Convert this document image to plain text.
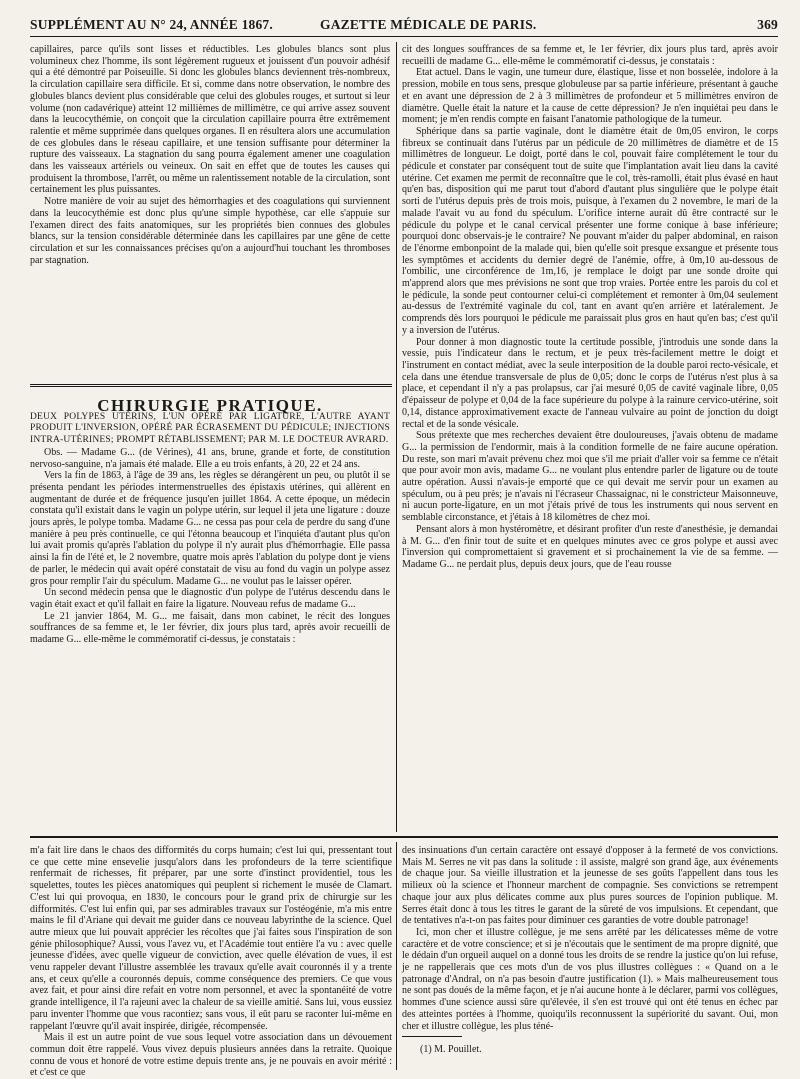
SUPPLÉMENT AU N° 24, ANNÉE 1867.	GAZETTE MÉDICALE DE PARIS.	369

capillaires, parce qu'ils sont lisses et réductibles. Les globules blancs sont plus volumineux chez l'homme, ils sont légèrement rugueux et jouissent d'un pouvoir adhésif qui a été démontré par Poiseuille. Si donc les globules blancs deviennent très-nombreux, la circulation capillaire sera difficile. Et si, comme dans notre observation, le nombre des globules blancs devient plus considérable que celui des globules rouges, et surtout si leur volume (non cadavérique) atteint 12 millièmes de millimètre, ce qui arrive assez souvent dans la leucocythémie, on conçoit que la circulation capillaire pourra être extrêmement ralentie et même supprimée dans quelques organes. Il en résultera alors une accumulation de ces globules dans le réseau capillaire, et une tension suffisante pour déterminer la rupture des vaisseaux. La stagnation du sang pourra également amener une coagulation dans les vaisseaux artériels ou veineux. On sait en effet que de toutes les causes qui produisent la thrombose, l'arrêt, ou même un ralentissement notable de la circulation, sont certainement les plus puissantes.

Notre manière de voir au sujet des hémorrhagies et des coagulations qui surviennent dans la leucocythémie est donc plus qu'une simple hypothèse, car elle s'appuie sur l'examen direct des faits anatomiques, sur les propriétés bien connues des globules blancs, sur la tension considérable déterminée dans les capillaires par une gêne de cette circulation et sur les connaissances précises qu'on a aujourd'hui touchant les thromboses par stagnation.

CHIRURGIE PRATIQUE.

DEUX POLYPES UTÉRINS, L'UN OPÉRÉ PAR LIGATURE, L'AUTRE AYANT PRODUIT L'INVERSION, OPÉRÉ PAR ÉCRASEMENT DU PÉDICULE; INJECTIONS INTRA-UTÉRINES; PROMPT RÉTABLISSEMENT; PAR M. LE DOCTEUR AVRARD.

Obs. — Madame G... (de Vérines), 41 ans, brune, grande et forte, de constitution nervoso-sanguine, n'a jamais été malade. Elle a eu trois enfants, à 20, 22 et 24 ans.

Vers la fin de 1863, à l'âge de 39 ans, les règles se dérangèrent un peu, ou plutôt il se présenta pendant les périodes intermenstruelles des épistaxis utérines, qui allèrent en augmentant de durée et de fréquence jusqu'en juillet 1864. A cette époque, un médecin constata qu'il existait dans le vagin un polype utérin, sur lequel il jeta une ligature : douze jours après, le polype tomba. Madame G... ne cessa pas pour cela de perdre du sang d'une manière à peu près continuelle, ce qui l'étonna beaucoup et l'inquiéta d'autant plus qu'on lui avait promis qu'après l'ablation du polype il n'y aurait plus d'hémorrhagie. Elle passa ainsi la fin de l'été et, le 2 novembre, quatre mois après l'ablation du polype dont je viens de parler, le médecin qui avait opéré constatait de visu au fond du vagin un polype assez gros pour remplir l'air du spéculum. Madame G... ne voulut pas le laisser opérer.

Un second médecin pensa que le diagnostic d'un polype de l'utérus descendu dans le vagin était exact et qu'il fallait en faire la ligature. Nouveau refus de madame G...

Le 21 janvier 1864, M. G... me faisait, dans mon cabinet, le récit des longues souffrances de sa femme et, le 1er février, dix jours plus tard, après avoir recueilli de madame G... elle-même le commémoratif ci-dessus, je constatais :

cit des longues souffrances de sa femme et, le 1er février, dix jours plus tard, après avoir recueilli de madame G... elle-même le commémoratif ci-dessus, je constatais :

Etat actuel. Dans le vagin, une tumeur dure, élastique, lisse et non bosselée, indolore à la pression, mobile en tous sens, presque globuleuse par sa partie inférieure, présentant à gauche et en avant une dépression de 2 à 3 millimètres de profondeur et 5 millimètres environ de diamètre. Quelle était la nature et la cause de cette dépression? Je n'en inquiétai peu dans le moment; je m'en rendis compte en faisant l'anatomie pathologique de la tumeur.

Sphérique dans sa partie vaginale, dont le diamètre était de 0m,05 environ, le corps fibreux se continuait dans l'utérus par un pédicule de 20 millimètres de diamètre et de 15 millimètres de longueur. Le doigt, porté dans le col, pouvait faire complétement le tour du pédicule et constater par conséquent tout de suite que l'implantation avait lieu dans la cavité utérine. Cet examen me permit de reconnaître que le col, très-ramolli, était plus évasé en haut qu'en bas, disposition qui me parut tout d'abord d'autant plus singulière que le polype était sorti de l'utérus depuis près de trois mois, puisque, à l'examen du 2 novembre, le mari de la malade l'avait vu au fond du spéculum. L'orifice interne aurait dû être contracté sur le pédicule du polype et le canal cervical présenter une forme conique à base inférieure; pourquoi donc observais-je le contraire? Ne pouvant m'aider du palper abdominal, en raison de l'énorme embonpoint de la malade qui, bien qu'elle soit presque exsangue et présente tous les symptômes et accidents du dernier degré de l'anémie, offre, à 0m,10 au-dessous de l'ombilic, une circonférence de 1m,16, je remplace le doigt par une sonde droite qui m'apprend alors que mes prévisions ne sont que trop vraies. Portée entre les parois du col et le pédicule, la sonde peut contourner celui-ci complétement et remonter à 0m,04 seulement au-dessus de l'extrémité vaginale du col, tant en avant qu'en arrière et latéralement. Je comprends dès lors pourquoi le pédicule me paraissait plus gros en haut qu'en bas; c'est qu'il y a inversion de l'utérus.

Pour donner à mon diagnostic toute la certitude possible, j'introduis une sonde dans la vessie, puis l'indicateur dans le rectum, et je peux très-facilement mettre le doigt et l'instrument en contact médiat, avec la seule interposition de la double paroi recto-vésicale, et cela dans une étendue transversale de plus de 0,05; donc le corps de l'utérus n'est plus à sa place, et cependant il n'y a pas prolapsus, car j'ai mesuré 0,05 de cavité vaginale libre, 0,05 d'épaisseur de polype et 0,04 de la face supérieure du polype à la rainure cervico-utérine, soit 0,14, distance approximativement exacte de l'anneau vulvaire au point de jonction du doigt rectal et de la sonde vésicale.

Sous prétexte que mes recherches devaient être douloureuses, j'avais obtenu de madame G... la permission de l'endormir, mais à la condition formelle de ne faire aucune opération. Du reste, son mari m'avait prévenu chez moi que s'il me priait d'aller voir sa femme ce n'était que pour avoir mon avis, madame G... ne voulant plus entendre parler de ligature ou de toute autre opération. Aussi n'avais-je emporté que ce qui devait me servir pour un examen au spéculum, ou à peu près; je n'avais ni l'écraseur Chassaignac, ni le constricteur Maisonneuve, ni aucun porte-ligature, en un mot j'étais privé de tous les instruments qui nous servent en semblable circonstance, et j'étais à 18 kilomètres de chez moi.

Pensant alors à mon hystéromètre, et désirant profiter d'un reste d'anesthésie, je demandai à M. G... d'en finir tout de suite et en quelques minutes avec ce gros polype et aussi avec l'inversion qui compromettaient si gravement et si prochainement la vie de sa femme. — Madame G... ne perdait plus, depuis deux jours, que de l'eau rousse

m'a fait lire dans le chaos des difformités du corps humain; c'est lui qui, pressentant tout ce que cette mine ensevelie jusqu'alors dans les profondeurs de la terre scientifique renfermait de richesses, fit préparer, par une sorte d'instinct providentiel, tous les squelettes, toutes les pièces anatomiques qui peuplent si richement le musée de Clamart. C'est lui qui provoqua, en 1830, le concours pour le grand prix de chirurgie sur les difformités. C'est lui enfin qui, par ses admirables travaux sur l'ostéogénie, m'a mis entre mains le fil d'Ariane qui devait me guider dans ce nouveau labyrinthe de la science. Quel autre mieux que lui pouvait apprécier les récoltes que j'ai faites sous l'inspiration de son génie philosophique? Aussi, vous l'avez vu, et l'Académie tout entière l'a vu : avec quelle jeunesse d'idées, avec quelle vigueur de conviction, avec quelle élévation de vues, il est venu rappeler devant l'illustre assemblée les travaux qu'elle avait couronnés il y a trente ans, et ceux qu'elle a couronnés depuis, comme conséquence des premiers. Ce que vous avez fait, et pour ainsi dire refait en votre nom personnel, et avec la spontanéité de votre grande intelligence, il l'a rajeuni avec la chaleur de sa vieille amitié. Sans lui, vous eussiez paru inventer l'homme que vous racontiez; sans vous, il eût paru se raconter lui-même en rappelant l'œuvre qu'il avait inspirée, dirigée, récompensée.

Mais il est un autre point de vue sous lequel votre association dans un dévouement commun doit être rappelé. Vous vivez depuis plusieurs années dans la retraite. Quoique connu de vous et honoré de votre estime depuis trente ans, je ne pouvais en avoir mérité : et c'est ce que

des insinuations d'un certain caractère ont essayé d'opposer à la fermeté de vos convictions. Mais M. Serres ne vit pas dans la solitude : il assiste, malgré son grand âge, aux événements de chaque jour. Sa vieille illustration et la jeunesse de ses goûts l'appellent dans tous les milieux où la science et l'honneur marchent de compagnie. Ses convictions se retrempent chaque jour aux plus délicates comme aux plus pures sources de l'opinion publique. M. Serres était donc à tous les titres le garant de la sûreté de vos impulsions. Et cependant, que de tentatives n'a-t-on pas faites pour diminuer ces garanties de votre double patronage!

Ici, mon cher et illustre collègue, je me sens arrêté par les délicatesses même de votre caractère et de votre conscience; et si je n'écoutais que le sentiment de ma propre dignité, que le dédain d'un orgueil auquel on a donné tous les droits de se rendre la justice qu'on lui refuse, je ne rappellerais que ces mots d'un de vos plus illustres collègues : « Quand on a le patronage d'Andral, on n'a pas besoin d'autre justification (1). » Mais malheureusement tous ne sont pas doués de la même façon, et je n'ai aucune honte à le déclarer, parmi vos collègues, hommes d'une science aussi sûre qu'élevée, il s'en est trouvé qui ont été tenus en échec par des atteintes portées à l'homme, quoiqu'ils reconnussent la supériorité du savant. Oui, mon cher et illustre collègue, les plus téné-

(1) M. Pouillet.
